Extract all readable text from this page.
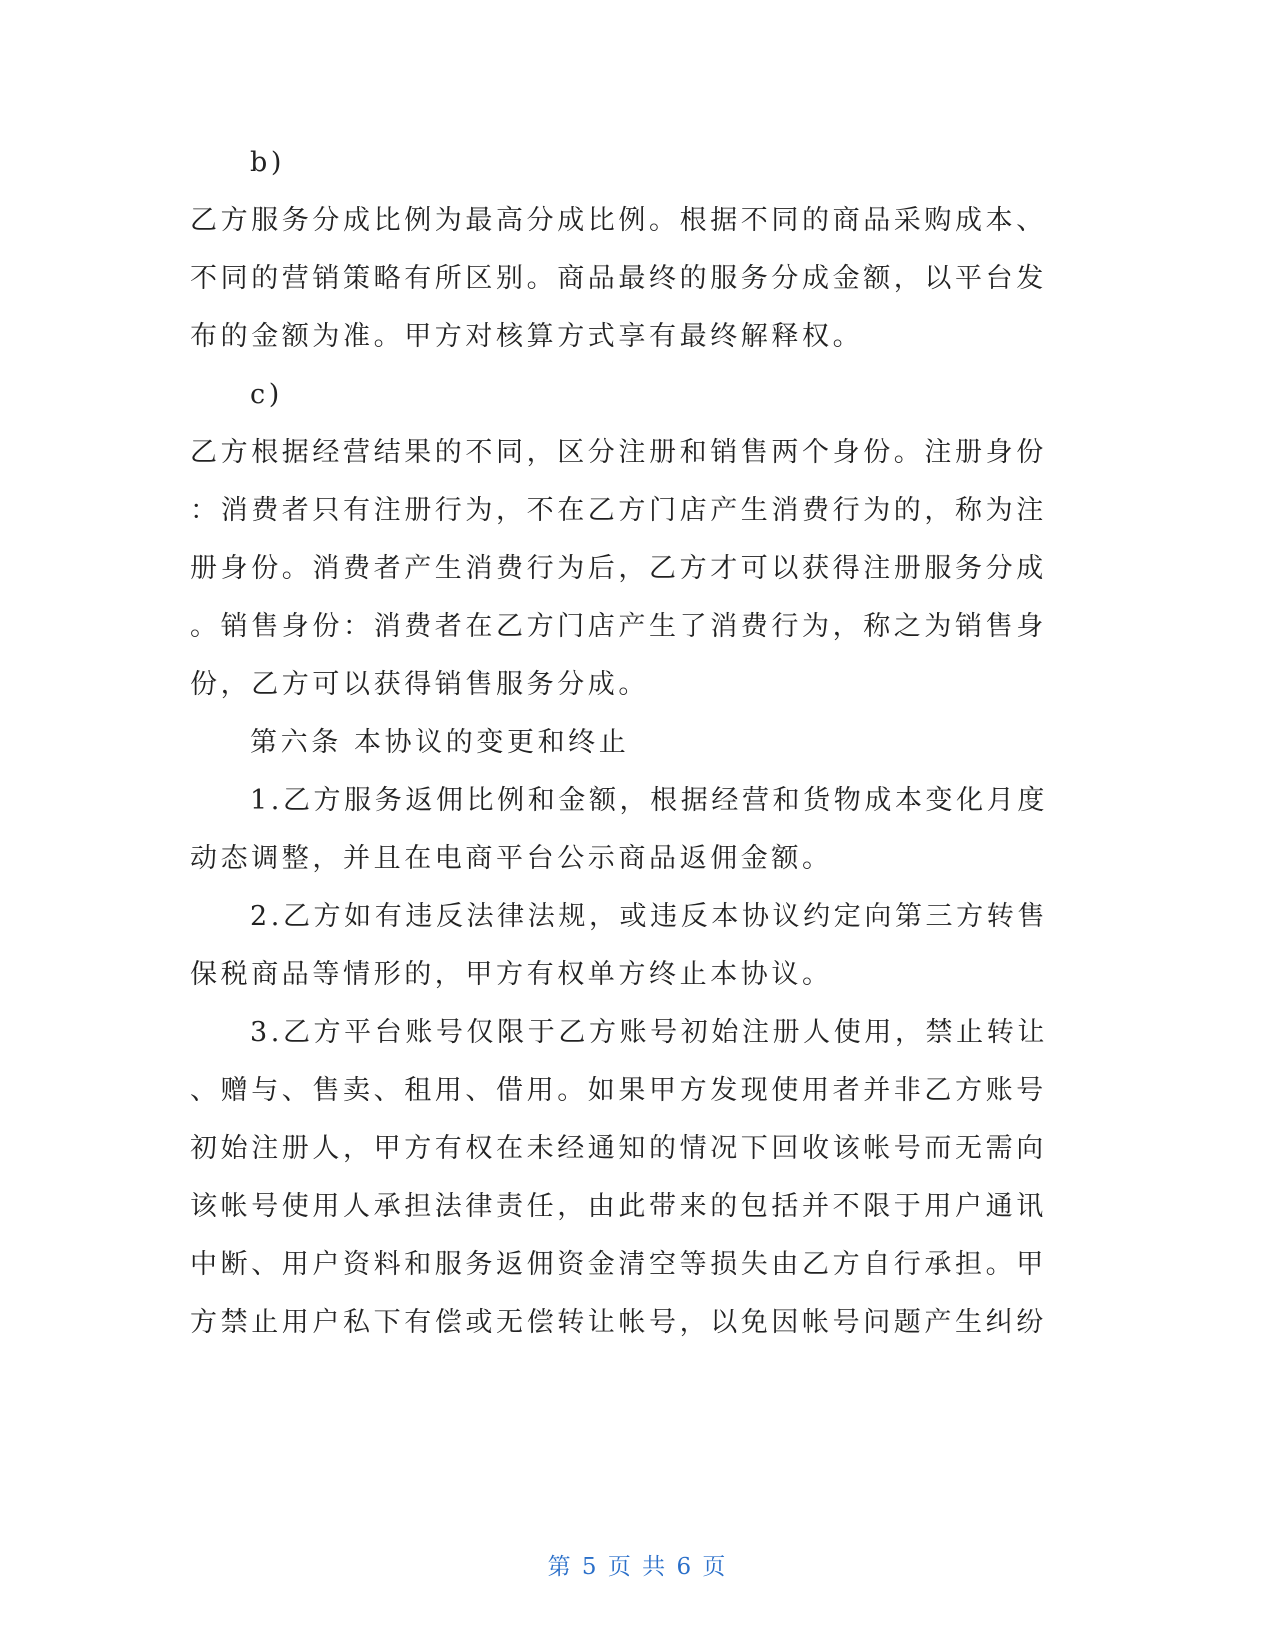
b)
乙方服务分成比例为最高分成比例。根据不同的商品采购成本、
不同的营销策略有所区别。商品最终的服务分成金额，以平台发
布的金额为准。甲方对核算方式享有最终解释权。
c)
乙方根据经营结果的不同，区分注册和销售两个身份。注册身份
：消费者只有注册行为，不在乙方门店产生消费行为的，称为注
册身份。消费者产生消费行为后，乙方才可以获得注册服务分成
。销售身份：消费者在乙方门店产生了消费行为，称之为销售身
份，乙方可以获得销售服务分成。
第六条 本协议的变更和终止
1.乙方服务返佣比例和金额，根据经营和货物成本变化月度
动态调整，并且在电商平台公示商品返佣金额。
2.乙方如有违反法律法规，或违反本协议约定向第三方转售
保税商品等情形的，甲方有权单方终止本协议。
3.乙方平台账号仅限于乙方账号初始注册人使用，禁止转让
、赠与、售卖、租用、借用。如果甲方发现使用者并非乙方账号
初始注册人，甲方有权在未经通知的情况下回收该帐号而无需向
该帐号使用人承担法律责任，由此带来的包括并不限于用户通讯
中断、用户资料和服务返佣资金清空等损失由乙方自行承担。甲
方禁止用户私下有偿或无偿转让帐号，以免因帐号问题产生纠纷
第 5 页 共 6 页
